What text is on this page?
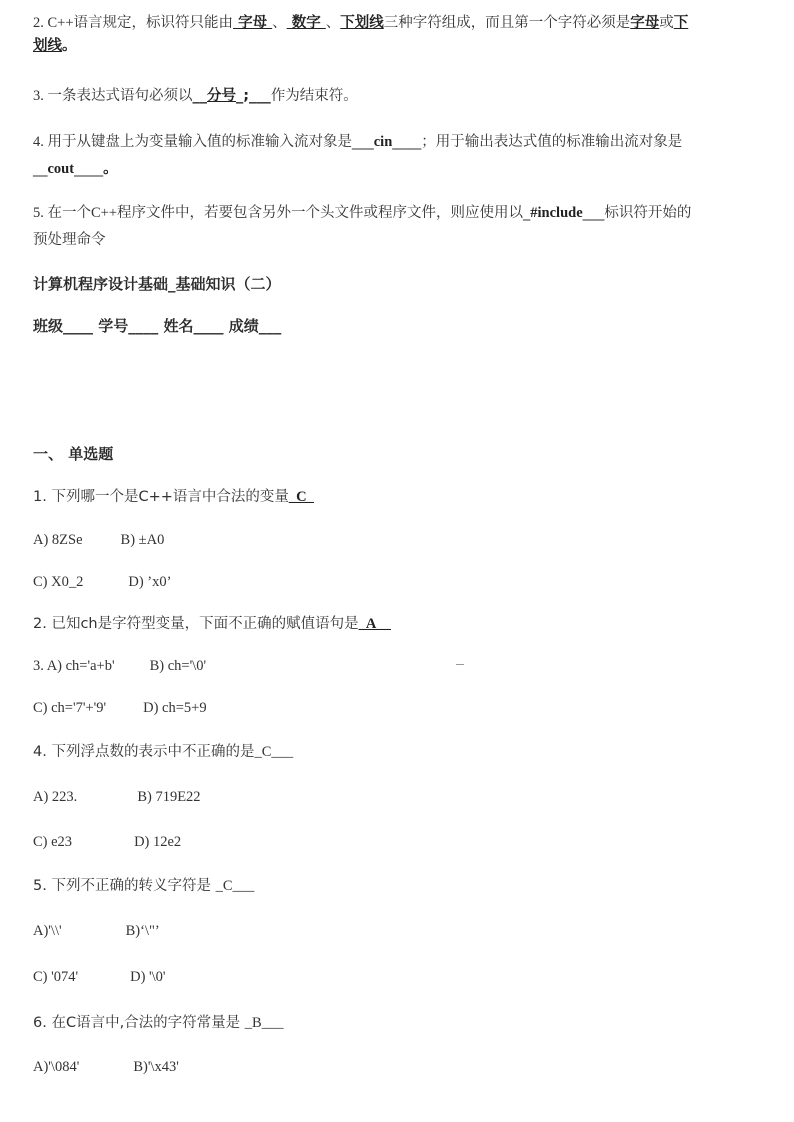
2. C++语言规定，标识符只能由 字母 、 数字 、下划线三种字符组成，而且第一个字符必须是字母或下
划线。
3. 一条表达式语句必须以__分号_;___作为结束符。
4. 用于从键盘上为变量输入值的标准输入流对象是___cin____；用于输出表达式值的标准输出流对象是
__cout____。
5. 在一个C++程序文件中，若要包含另外一个头文件或程序文件，则应使用以_#include___标识符开始的
预处理命令
计算机程序设计基础_基础知识（二）
班级____ 学号____ 姓名____ 成绩___
一、 单选题
1. 下列哪一个是C++语言中合法的变量_C_
A) 8ZSe	B) ±A0
C) X0_2	D) ’x0’
2. 已知ch是字符型变量，下面不正确的赋值语句是_A__
3. A) ch='a+b' B) ch='\0'
C) ch='7'+'9'	D) ch=5+9
4. 下列浮点数的表示中不正确的是_C___
A) 223.	B) 719E22
C) e23	D) 12e2
5. 下列不正确的转义字符是 _C___
A)'\\'	B)‘\"’
C) '074'	D) '\0'
6. 在C语言中,合法的字符常量是 _B___
A)'\084'	B)'\x43'
